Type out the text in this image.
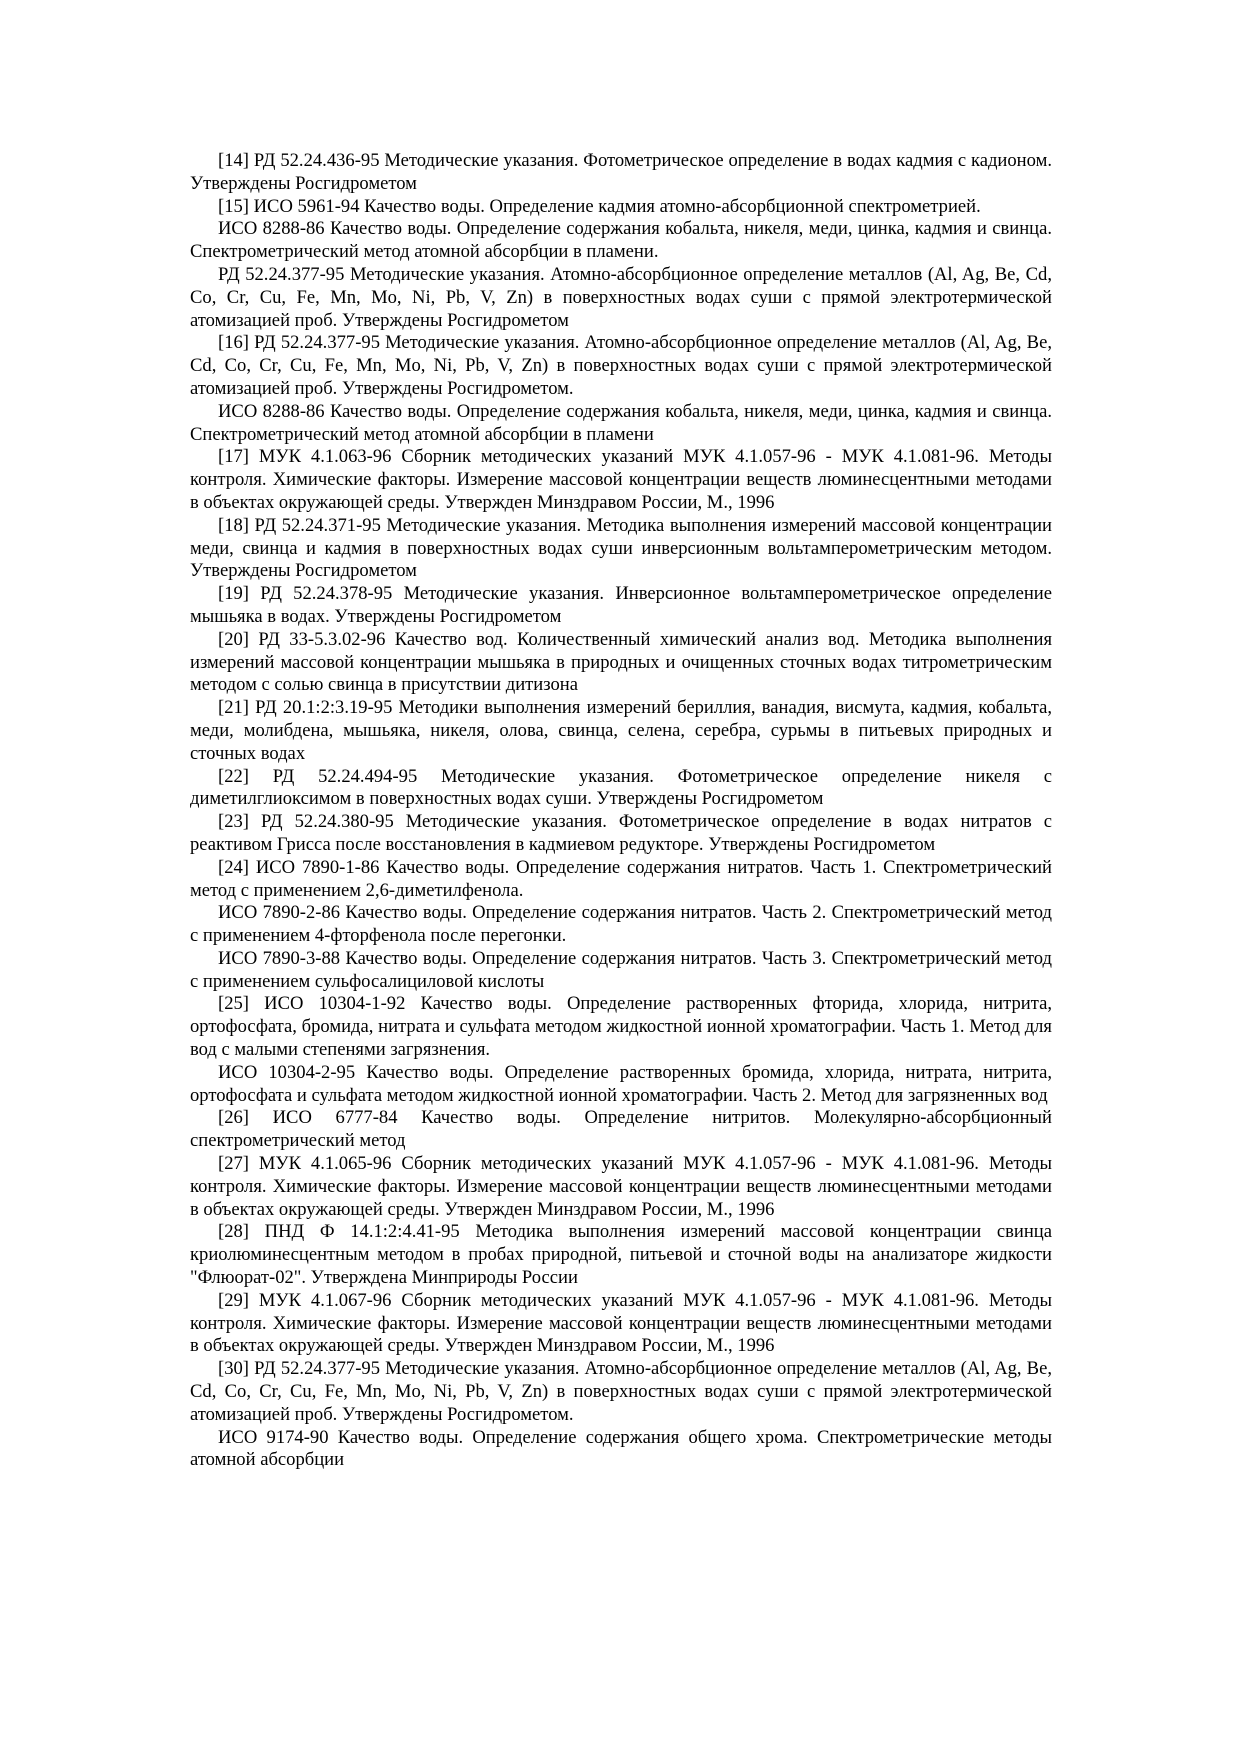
[14] РД 52.24.436-95 Методические указания. Фотометрическое определение в водах кадмия с кадионом. Утверждены Росгидрометом

[15] ИСО 5961-94 Качество воды. Определение кадмия атомно-абсорбционной спектрометрией.

ИСО 8288-86 Качество воды. Определение содержания кобальта, никеля, меди, цинка, кадмия и свинца. Спектрометрический метод атомной абсорбции в пламени.

РД 52.24.377-95 Методические указания. Атомно-абсорбционное определение металлов (Al, Ag, Be, Cd, Co, Cr, Cu, Fe, Mn, Mo, Ni, Pb, V, Zn) в поверхностных водах суши с прямой электротермической атомизацией проб. Утверждены Росгидрометом

[16] РД 52.24.377-95 Методические указания. Атомно-абсорбционное определение металлов (Al, Ag, Be, Cd, Co, Cr, Cu, Fe, Mn, Mo, Ni, Pb, V, Zn) в поверхностных водах суши с прямой электротермической атомизацией проб. Утверждены Росгидрометом.

ИСО 8288-86 Качество воды. Определение содержания кобальта, никеля, меди, цинка, кадмия и свинца. Спектрометрический метод атомной абсорбции в пламени

[17] МУК 4.1.063-96 Сборник методических указаний МУК 4.1.057-96 - МУК 4.1.081-96. Методы контроля. Химические факторы. Измерение массовой концентрации веществ люминесцентными методами в объектах окружающей среды. Утвержден Минздравом России, М., 1996

[18] РД 52.24.371-95 Методические указания. Методика выполнения измерений массовой концентрации меди, свинца и кадмия в поверхностных водах суши инверсионным вольтамперометрическим методом. Утверждены Росгидрометом

[19] РД 52.24.378-95 Методические указания. Инверсионное вольтамперометрическое определение мышьяка в водах. Утверждены Росгидрометом

[20] РД 33-5.3.02-96 Качество вод. Количественный химический анализ вод. Методика выполнения измерений массовой концентрации мышьяка в природных и очищенных сточных водах титрометрическим методом с солью свинца в присутствии дитизона

[21] РД 20.1:2:3.19-95 Методики выполнения измерений бериллия, ванадия, висмута, кадмия, кобальта, меди, молибдена, мышьяка, никеля, олова, свинца, селена, серебра, сурьмы в питьевых природных и сточных водах

[22] РД 52.24.494-95 Методические указания. Фотометрическое определение никеля с диметилглиоксимом в поверхностных водах суши. Утверждены Росгидрометом

[23] РД 52.24.380-95 Методические указания. Фотометрическое определение в водах нитратов с реактивом Грисса после восстановления в кадмиевом редукторе. Утверждены Росгидрометом

[24] ИСО 7890-1-86 Качество воды. Определение содержания нитратов. Часть 1. Спектрометрический метод с применением 2,6-диметилфенола.

ИСО 7890-2-86 Качество воды. Определение содержания нитратов. Часть 2. Спектрометрический метод с применением 4-фторфенола после перегонки.

ИСО 7890-3-88 Качество воды. Определение содержания нитратов. Часть 3. Спектрометрический метод с применением сульфосалициловой кислоты

[25] ИСО 10304-1-92 Качество воды. Определение растворенных фторида, хлорида, нитрита, ортофосфата, бромида, нитрата и сульфата методом жидкостной ионной хроматографии. Часть 1. Метод для вод с малыми степенями загрязнения.

ИСО 10304-2-95 Качество воды. Определение растворенных бромида, хлорида, нитрата, нитрита, ортофосфата и сульфата методом жидкостной ионной хроматографии. Часть 2. Метод для загрязненных вод

[26] ИСО 6777-84 Качество воды. Определение нитритов. Молекулярно-абсорбционный спектрометрический метод

[27] МУК 4.1.065-96 Сборник методических указаний МУК 4.1.057-96 - МУК 4.1.081-96. Методы контроля. Химические факторы. Измерение массовой концентрации веществ люминесцентными методами в объектах окружающей среды. Утвержден Минздравом России, М., 1996

[28] ПНД Ф 14.1:2:4.41-95 Методика выполнения измерений массовой концентрации свинца криолюминесцентным методом в пробах природной, питьевой и сточной воды на анализаторе жидкости "Флюорат-02". Утверждена Минприроды России

[29] МУК 4.1.067-96 Сборник методических указаний МУК 4.1.057-96 - МУК 4.1.081-96. Методы контроля. Химические факторы. Измерение массовой концентрации веществ люминесцентными методами в объектах окружающей среды. Утвержден Минздравом России, М., 1996

[30] РД 52.24.377-95 Методические указания. Атомно-абсорбционное определение металлов (Al, Ag, Be, Cd, Co, Cr, Cu, Fe, Mn, Mo, Ni, Pb, V, Zn) в поверхностных водах суши с прямой электротермической атомизацией проб. Утверждены Росгидрометом.

ИСО 9174-90 Качество воды. Определение содержания общего хрома. Спектрометрические методы атомной абсорбции
